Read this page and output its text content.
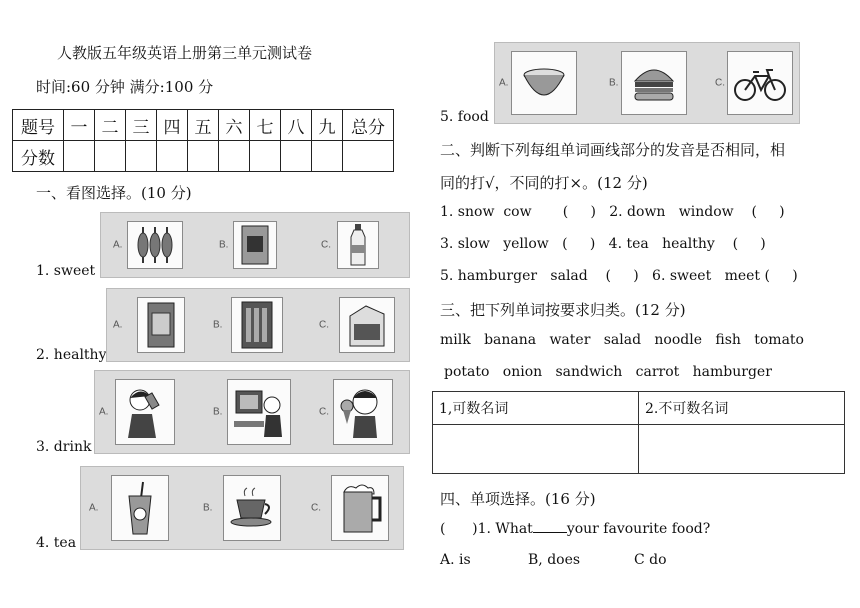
人教版五年级英语上册第三单元测试卷
时间:60 分钟 满分:100 分
题号	一	二	三	四	五	六	七	八	九	总分
分数										
一、看图选择。(10 分)
1. sweet
A.	B.	C.
2. healthy
A.	B.	C.
3. drink
A.	B.	C.
4. tea
A.	B.	C.
A.	B.	C.
5. food
二、判断下列每组单词画线部分的发音是否相同，相
同的打√，不同的打×。(12 分)
1. snow  cow       (     )   2. down   window    (     )
3. slow   yellow   (     )   4. tea   healthy    (     )
5. hamburger   salad    (     )   6. sweet   meet (     )
三、把下列单词按要求归类。(12 分)
milk   banana   water   salad   noodle   fish   tomato
potato   onion   sandwich   carrot   hamburger
1,可数名词	2.不可数名词

四、单项选择。(16 分)
(      )1. What your favourite food?
A. is	B, does	C do
